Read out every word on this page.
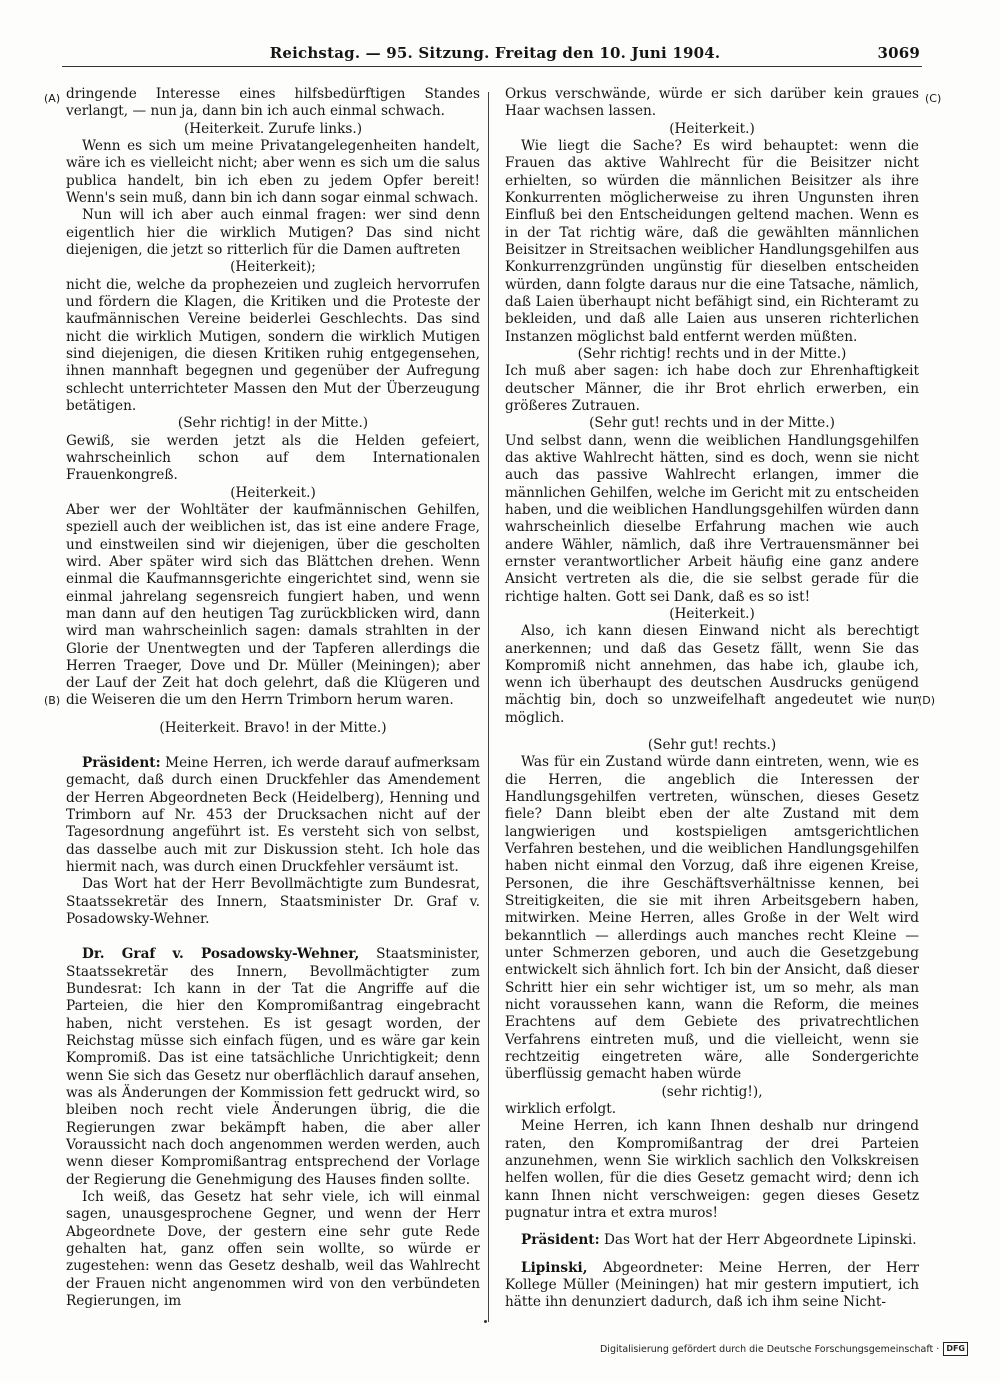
Reichstag. — 95. Sitzung. Freitag den 10. Juni 1904.	3069
(A)
(B)
(C)
(D)

dringende Interesse eines hilfsbedürftigen Standes verlangt, — nun ja, dann bin ich auch einmal schwach.

(Heiterkeit. Zurufe links.)

Wenn es sich um meine Privatangelegenheiten handelt, wäre ich es vielleicht nicht; aber wenn es sich um die salus publica handelt, bin ich eben zu jedem Opfer bereit! Wenn's sein muß, dann bin ich dann sogar einmal schwach.

Nun will ich aber auch einmal fragen: wer sind denn eigentlich hier die wirklich Mutigen? Das sind nicht diejenigen, die jetzt so ritterlich für die Damen auftreten

(Heiterkeit);

nicht die, welche da prophezeien und zugleich hervorrufen und fördern die Klagen, die Kritiken und die Proteste der kaufmännischen Vereine beiderlei Geschlechts. Das sind nicht die wirklich Mutigen, sondern die wirklich Mutigen sind diejenigen, die diesen Kritiken ruhig entgegensehen, ihnen mannhaft begegnen und gegenüber der Aufregung schlecht unterrichteter Massen den Mut der Überzeugung betätigen.

(Sehr richtig! in der Mitte.)

Gewiß, sie werden jetzt als die Helden gefeiert, wahrscheinlich schon auf dem Internationalen Frauenkongreß.

(Heiterkeit.)

Aber wer der Wohltäter der kaufmännischen Gehilfen, speziell auch der weiblichen ist, das ist eine andere Frage, und einstweilen sind wir diejenigen, über die gescholten wird. Aber später wird sich das Blättchen drehen. Wenn einmal die Kaufmannsgerichte eingerichtet sind, wenn sie einmal jahrelang segensreich fungiert haben, und wenn man dann auf den heutigen Tag zurückblicken wird, dann wird man wahrscheinlich sagen: damals strahlten in der Glorie der Unentwegten und der Tapferen allerdings die Herren Traeger, Dove und Dr. Müller (Meiningen); aber der Lauf der Zeit hat doch gelehrt, daß die Klügeren und die Weiseren die um den Herrn Trimborn herum waren.

(Heiterkeit. Bravo! in der Mitte.)

Präsident: Meine Herren, ich werde darauf aufmerksam gemacht, daß durch einen Druckfehler das Amendement der Herren Abgeordneten Beck (Heidelberg), Henning und Trimborn auf Nr. 453 der Drucksachen nicht auf der Tagesordnung angeführt ist. Es versteht sich von selbst, das dasselbe auch mit zur Diskussion steht. Ich hole das hiermit nach, was durch einen Druckfehler versäumt ist.

Das Wort hat der Herr Bevollmächtigte zum Bundesrat, Staatssekretär des Innern, Staatsminister Dr. Graf v. Posadowsky-Wehner.

Dr. Graf v. Posadowsky-Wehner, Staatsminister, Staatssekretär des Innern, Bevollmächtigter zum Bundesrat: Ich kann in der Tat die Angriffe auf die Parteien, die hier den Kompromißantrag eingebracht haben, nicht verstehen. Es ist gesagt worden, der Reichstag müsse sich einfach fügen, und es wäre gar kein Kompromiß. Das ist eine tatsächliche Unrichtigkeit; denn wenn Sie sich das Gesetz nur oberflächlich darauf ansehen, was als Änderungen der Kommission fett gedruckt wird, so bleiben noch recht viele Änderungen übrig, die die Regierungen zwar bekämpft haben, die aber aller Voraussicht nach doch angenommen werden werden, auch wenn dieser Kompromißantrag entsprechend der Vorlage der Regierung die Genehmigung des Hauses finden sollte.

Ich weiß, das Gesetz hat sehr viele, ich will einmal sagen, unausgesprochene Gegner, und wenn der Herr Abgeordnete Dove, der gestern eine sehr gute Rede gehalten hat, ganz offen sein wollte, so würde er zugestehen: wenn das Gesetz deshalb, weil das Wahlrecht der Frauen nicht angenommen wird von den verbündeten Regierungen, im

Orkus verschwände, würde er sich darüber kein graues Haar wachsen lassen.

(Heiterkeit.)

Wie liegt die Sache? Es wird behauptet: wenn die Frauen das aktive Wahlrecht für die Beisitzer nicht erhielten, so würden die männlichen Beisitzer als ihre Konkurrenten möglicherweise zu ihren Ungunsten ihren Einfluß bei den Entscheidungen geltend machen. Wenn es in der Tat richtig wäre, daß die gewählten männlichen Beisitzer in Streitsachen weiblicher Handlungsgehilfen aus Konkurrenzgründen ungünstig für dieselben entscheiden würden, dann folgte daraus nur die eine Tatsache, nämlich, daß Laien überhaupt nicht befähigt sind, ein Richteramt zu bekleiden, und daß alle Laien aus unseren richterlichen Instanzen möglichst bald entfernt werden müßten.

(Sehr richtig! rechts und in der Mitte.)

Ich muß aber sagen: ich habe doch zur Ehrenhaftigkeit deutscher Männer, die ihr Brot ehrlich erwerben, ein größeres Zutrauen.

(Sehr gut! rechts und in der Mitte.)

Und selbst dann, wenn die weiblichen Handlungsgehilfen das aktive Wahlrecht hätten, sind es doch, wenn sie nicht auch das passive Wahlrecht erlangen, immer die männlichen Gehilfen, welche im Gericht mit zu entscheiden haben, und die weiblichen Handlungsgehilfen würden dann wahrscheinlich dieselbe Erfahrung machen wie auch andere Wähler, nämlich, daß ihre Vertrauensmänner bei ernster verantwortlicher Arbeit häufig eine ganz andere Ansicht vertreten als die, die sie selbst gerade für die richtige halten. Gott sei Dank, daß es so ist!

(Heiterkeit.)

Also, ich kann diesen Einwand nicht als berechtigt anerkennen; und daß das Gesetz fällt, wenn Sie das Kompromiß nicht annehmen, das habe ich, glaube ich, wenn ich überhaupt des deutschen Ausdrucks genügend mächtig bin, doch so unzweifelhaft angedeutet wie nur möglich.

(Sehr gut! rechts.)

Was für ein Zustand würde dann eintreten, wenn, wie es die Herren, die angeblich die Interessen der Handlungsgehilfen vertreten, wünschen, dieses Gesetz fiele? Dann bleibt eben der alte Zustand mit dem langwierigen und kostspieligen amtsgerichtlichen Verfahren bestehen, und die weiblichen Handlungsgehilfen haben nicht einmal den Vorzug, daß ihre eigenen Kreise, Personen, die ihre Geschäftsverhältnisse kennen, bei Streitigkeiten, die sie mit ihren Arbeitsgebern haben, mitwirken. Meine Herren, alles Große in der Welt wird bekanntlich — allerdings auch manches recht Kleine — unter Schmerzen geboren, und auch die Gesetzgebung entwickelt sich ähnlich fort. Ich bin der Ansicht, daß dieser Schritt hier ein sehr wichtiger ist, um so mehr, als man nicht voraussehen kann, wann die Reform, die meines Erachtens auf dem Gebiete des privatrechtlichen Verfahrens eintreten muß, und die vielleicht, wenn sie rechtzeitig eingetreten wäre, alle Sondergerichte überflüssig gemacht haben würde

(sehr richtig!),

wirklich erfolgt.

Meine Herren, ich kann Ihnen deshalb nur dringend raten, den Kompromißantrag der drei Parteien anzunehmen, wenn Sie wirklich sachlich den Volkskreisen helfen wollen, für die dies Gesetz gemacht wird; denn ich kann Ihnen nicht verschweigen: gegen dieses Gesetz pugnatur intra et extra muros!

Präsident: Das Wort hat der Herr Abgeordnete Lipinski.

Lipinski, Abgeordneter: Meine Herren, der Herr Kollege Müller (Meiningen) hat mir gestern imputiert, ich hätte ihn denunziert dadurch, daß ich ihm seine Nicht-

Digitalisierung gefördert durch die Deutsche Forschungsgemeinschaft · DFG
